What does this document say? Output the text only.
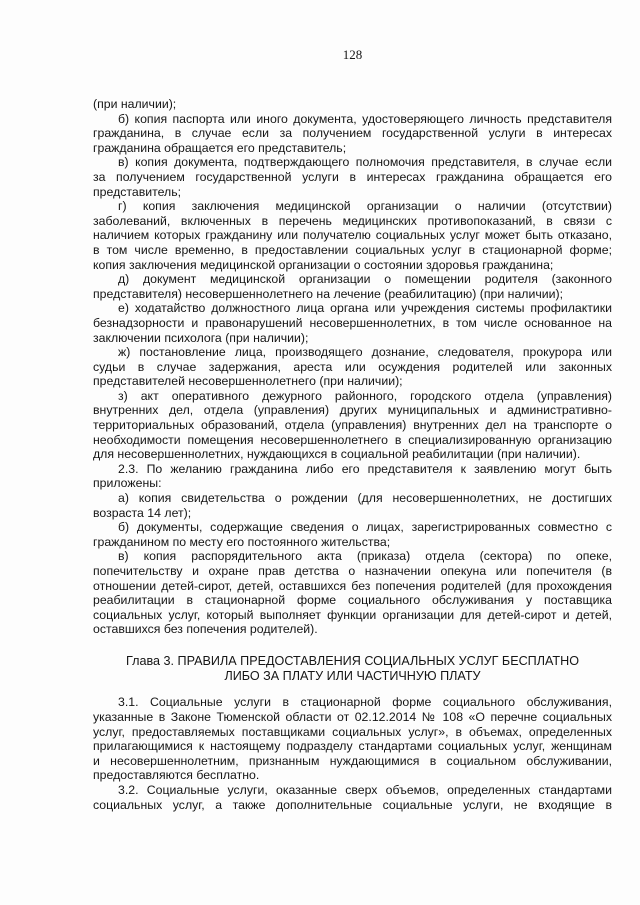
128
(при наличии);
б) копия паспорта или иного документа, удостоверяющего личность представителя
гражданина, в случае если за получением государственной услуги в интересах
гражданина обращается его представитель;
в) копия документа, подтверждающего полномочия представителя, в случае если
за получением государственной услуги в интересах гражданина обращается его
представитель;
г) копия заключения медицинской организации о наличии (отсутствии)
заболеваний, включенных в перечень медицинских противопоказаний, в связи с
наличием которых гражданину или получателю социальных услуг может быть отказано,
в том числе временно, в предоставлении социальных услуг в стационарной форме;
копия заключения медицинской организации о состоянии здоровья гражданина;
д) документ медицинской организации о помещении родителя (законного
представителя) несовершеннолетнего на лечение (реабилитацию) (при наличии);
е) ходатайство должностного лица органа или учреждения системы профилактики
безнадзорности и правонарушений несовершеннолетних, в том числе основанное на
заключении психолога (при наличии);
ж) постановление лица, производящего дознание, следователя, прокурора или
судьи в случае задержания, ареста или осуждения родителей или законных
представителей несовершеннолетнего (при наличии);
з) акт оперативного дежурного районного, городского отдела (управления)
внутренних дел, отдела (управления) других муниципальных и административно-
территориальных образований, отдела (управления) внутренних дел на транспорте о
необходимости помещения несовершеннолетнего в специализированную организацию
для несовершеннолетних, нуждающихся в социальной реабилитации (при наличии).
2.3. По желанию гражданина либо его представителя к заявлению могут быть
приложены:
а) копия свидетельства о рождении (для несовершеннолетних, не достигших
возраста 14 лет);
б) документы, содержащие сведения о лицах, зарегистрированных совместно с
гражданином по месту его постоянного жительства;
в) копия распорядительного акта (приказа) отдела (сектора) по опеке,
попечительству и охране прав детства о назначении опекуна или попечителя (в
отношении детей-сирот, детей, оставшихся без попечения родителей (для прохождения
реабилитации в стационарной форме социального обслуживания у поставщика
социальных услуг, который выполняет функции организации для детей-сирот и детей,
оставшихся без попечения родителей).
Глава 3. ПРАВИЛА ПРЕДОСТАВЛЕНИЯ СОЦИАЛЬНЫХ УСЛУГ БЕСПЛАТНО
ЛИБО ЗА ПЛАТУ ИЛИ ЧАСТИЧНУЮ ПЛАТУ
3.1. Социальные услуги в стационарной форме социального обслуживания,
указанные в Законе Тюменской области от 02.12.2014 № 108 «О перечне социальных
услуг, предоставляемых поставщиками социальных услуг», в объемах, определенных
прилагающимися к настоящему подразделу стандартами социальных услуг, женщинам
и несовершеннолетним, признанным нуждающимися в социальном обслуживании,
предоставляются бесплатно.
3.2. Социальные услуги, оказанные сверх объемов, определенных стандартами
социальных услуг, а также дополнительные социальные услуги, не входящие в
